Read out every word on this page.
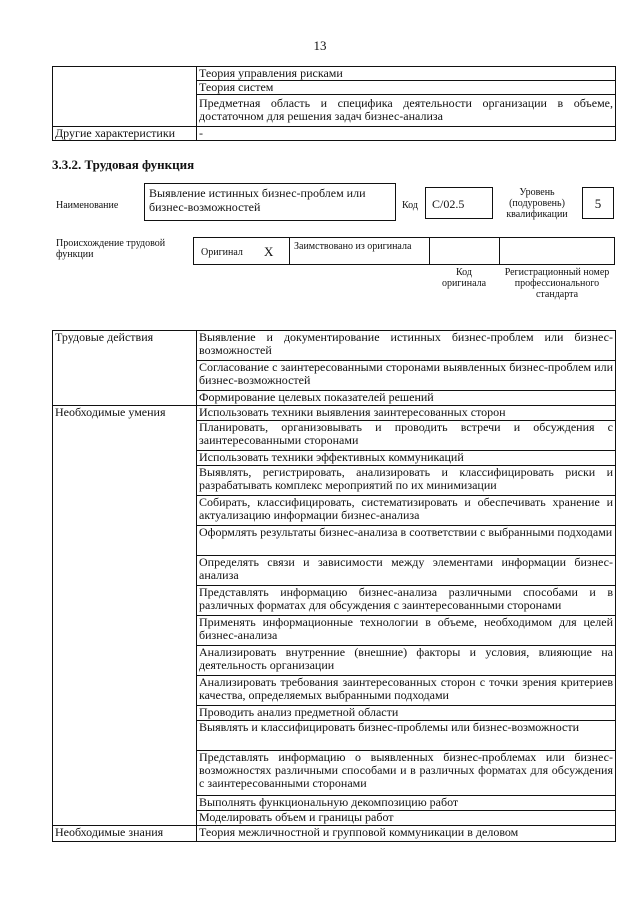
13
	Теория управления рисками
	Теория систем
	Предметная область и специфика деятельности организации в объеме, достаточном для решения задач бизнес-анализа
Другие характеристики	-
3.3.2. Трудовая функция
Наименование
Выявление истинных бизнес-проблем или бизнес-возможностей	Код	C/02.5
Уровень (подуровень) квалификации
5
Происхождение трудовой функции	Оригинал X Заимствовано из оригинала
Код оригинала
Регистрационный номер профессионального стандарта
Трудовые действия	Выявление и документирование истинных бизнес-проблем или бизнес-возможностей
	Согласование с заинтересованными сторонами выявленных бизнес-проблем или бизнес-возможностей
	Формирование целевых показателей решений
Необходимые умения	Использовать техники выявления заинтересованных сторон
	Планировать, организовывать и проводить встречи и обсуждения с заинтересованными сторонами
	Использовать техники эффективных коммуникаций
	Выявлять, регистрировать, анализировать и классифицировать риски и разрабатывать комплекс мероприятий по их минимизации
	Собирать, классифицировать, систематизировать и обеспечивать хранение и актуализацию информации бизнес-анализа
	Оформлять результаты бизнес-анализа в соответствии с выбранными подходами
	Определять связи и зависимости между элементами информации бизнес-анализа
	Представлять информацию бизнес-анализа различными способами и в различных форматах для обсуждения с заинтересованными сторонами
	Применять информационные технологии в объеме, необходимом для целей бизнес-анализа
	Анализировать внутренние (внешние) факторы и условия, влияющие на деятельность организации
	Анализировать требования заинтересованных сторон с точки зрения критериев качества, определяемых выбранными подходами
	Проводить анализ предметной области
	Выявлять и классифицировать бизнес-проблемы или бизнес-возможности
	Представлять информацию о выявленных бизнес-проблемах или бизнес-возможностях различными способами и в различных форматах для обсуждения с заинтересованными сторонами
	Выполнять функциональную декомпозицию работ
	Моделировать объем и границы работ
Необходимые знания	Теория межличностной и групповой коммуникации в деловом
